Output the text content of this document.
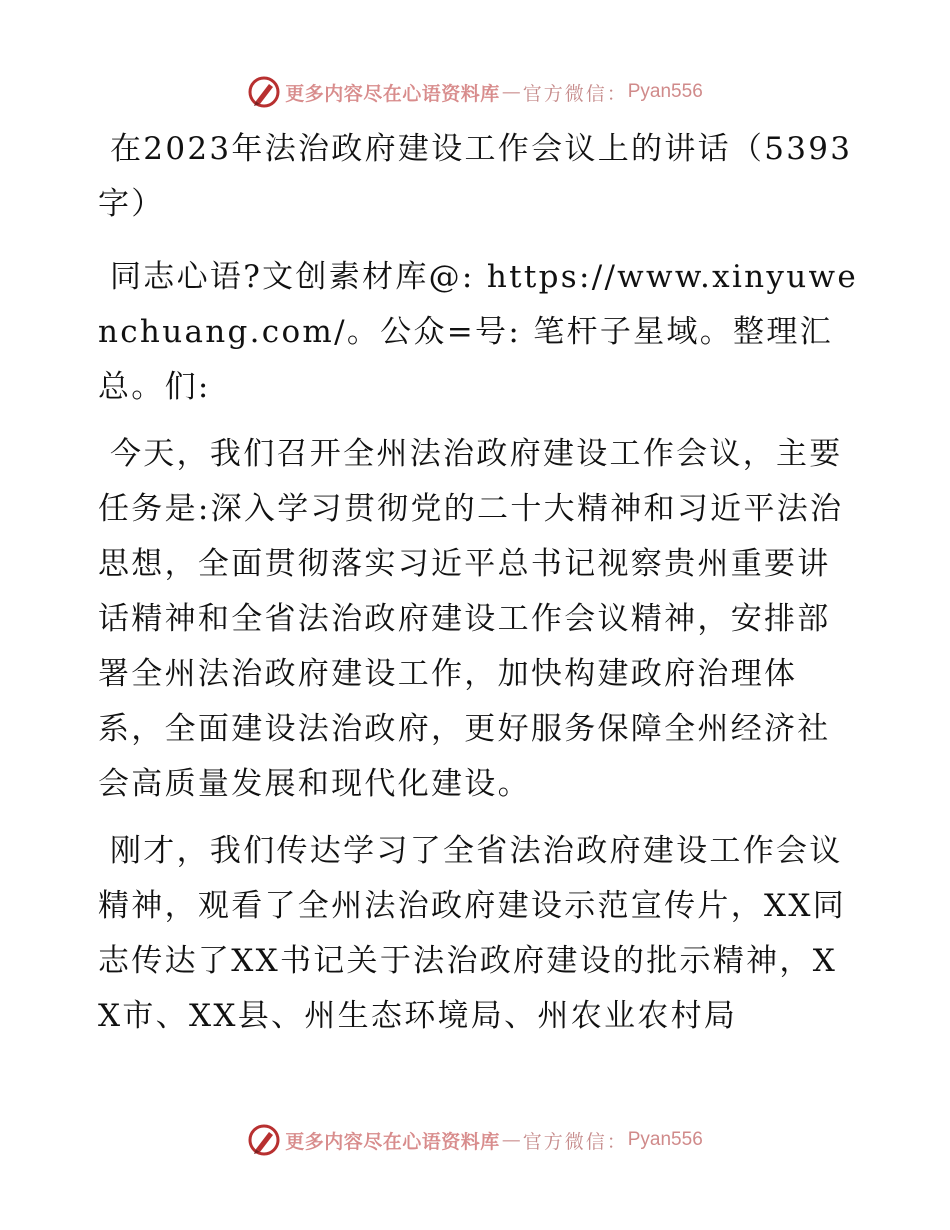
更多内容尽在心语资料库 — 官方微信： Pyan556

在2023年法治政府建设工作会议上的讲话（5393字）

同志心语?文创素材库@: https://www.xinyuwenchuang.com/。公众=号: 笔杆子星域。整理汇总。们:

今天，我们召开全州法治政府建设工作会议，主要任务是:深入学习贯彻党的二十大精神和习近平法治思想，全面贯彻落实习近平总书记视察贵州重要讲话精神和全省法治政府建设工作会议精神，安排部署全州法治政府建设工作，加快构建政府治理体系，全面建设法治政府，更好服务保障全州经济社会高质量发展和现代化建设。

刚才，我们传达学习了全省法治政府建设工作会议精神，观看了全州法治政府建设示范宣传片，XX同志传达了XX书记关于法治政府建设的批示精神，XX市、XX县、州生态环境局、州农业农村局

更多内容尽在心语资料库 — 官方微信： Pyan556
